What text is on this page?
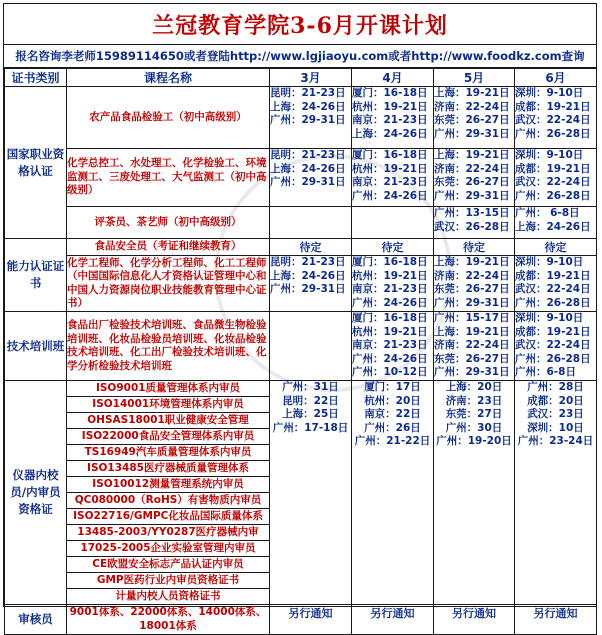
兰冠教育学院3-6月开课计划
报名咨询李老师15989114650或者登陆http://www.lgjiaoyu.com或者http://www.foodkz.com查询
证书类别	课程名称	3月	4月	5月	6月
国家职业资格认证	农产品食品检验工（初中高级别）	昆明：21-23日
上海：24-26日
广州：29-31日	厦门：16-18日
杭州：19-21日
南京：21-23日
上海：24-26日	上海：19-21日
济南：22-24日
东莞：26-27日
广州：29-31日	深圳：9-10日
成都：19-21日
武汉：22-24日
广州：26-28日

	化学总控工、水处理工、化学检验工、环境监测工、三废处理工、大气监测工（初中高级别）	昆明：21-23日
上海：24-26日
广州：29-31日	厦门：16-18日
杭州：19-21日
南京：21-23日
广州：24-26日	上海：19-21日
济南：22-24日
东莞：26-27日
广州：29-31日	深圳：9-10日
成都：19-21日
武汉：22-24日
广州：26-28日

	评茶员、茶艺师（初中高级别）			广州：13-15日
武汉：26-28日	广州： 6-8日
上海：24-26日

能力认证证书	食品安全员（考证和继续教育）	待定	待定	待定	待定
	化学工程师、化学分析工程师、化工工程师（中国国际信息化人才资格认证管理中心和中国人力资源岗位职业技能教育管理中心证书）	昆明：21-23日
上海：24-26日
广州：29-31日	厦门：16-18日
杭州：19-21日
南京：21-23日
广州：24-26日	上海：19-21日
济南：22-24日
东莞：26-27日
广州：29-31日	深圳：9-10日
成都：19-21日
武汉：22-24日
广州：26-28日

技术培训班	食品出厂检验技术培训班、食品微生物检验培训班、化妆品检验员培训班、化妆品检验技术培训班、化工出厂检验技术培训班、化学分析检验技术培训班		厦门：16-18日
杭州：19-21日
南京：21-23日
广州：24-26日
广州：10-12日	广州：15-17日
上海：19-21日
济南：22-24日
东莞：26-27日
广州：29-31日	深圳：9-10日
成都：19-21日
武汉：22-24日
广州：26-28日
广州：6-8日

仪器内校员/内审员资格证	ISO9001质量管理体系内审员	广州：31日
昆明：22日
上海：25日
广州：17-18日	厦门：17日
杭州：20日
南京：22日
广州：26日
广州：21-22日	上海：20日
济南：23日
东莞：27日
广州：30日
广州：19-20日	广州：28日
成都：20日
武汉：23日
深圳：10日
广州：23-24日

	ISO14001环境管理体系内审员				
	OHSAS18001职业健康安全管理				
	ISO22000食品安全管理体系内审员				
	TS16949汽车质量管理体系内审员				
	ISO13485医疗器械质量管理体系				
	ISO10012测量管理系统内审员				
	QC080000（RoHS）有害物质内审员				
	ISO22716/GMPC化妆品国际质量体系				
	13485-2003/YY0287医疗器械内审				
	17025-2005企业实验室管理内审员				
	CE欧盟安全标志产品认证内审员				
	GMP医药行业内审员资格证书				
	计量内校人员资格证书				
审核员	9001体系、22000体系、14000体系、18001体系	另行通知	另行通知	另行通知	另行通知
